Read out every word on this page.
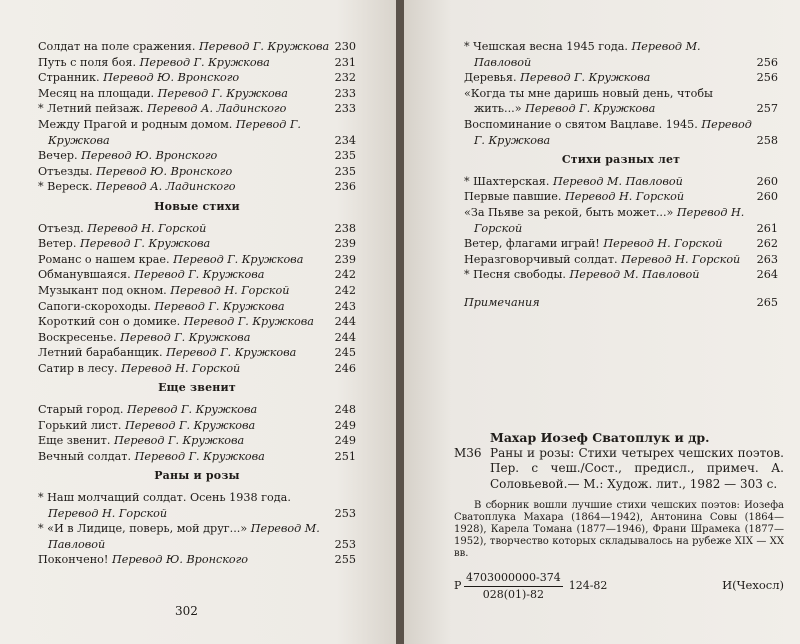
Солдат на поле сражения. Перевод Г. Кружкова 230
Путь с поля боя. Перевод Г. Кружкова	231
Странник. Перевод Ю. Вронского	232
Месяц на площади. Перевод Г. Кружкова	233
* Летний пейзаж. Перевод А. Ладинского	233
Между Прагой и родным домом. Перевод Г. Кружкова	234
Вечер. Перевод Ю. Вронского	235
Отъезды. Перевод Ю. Вронского	235
* Вереск. Перевод А. Ладинского	236
Новые стихи
Отъезд. Перевод Н. Горской	238
Ветер. Перевод Г. Кружкова	239
Романс о нашем крае. Перевод Г. Кружкова	239
Обманувшаяся. Перевод Г. Кружкова	242
Музыкант под окном. Перевод Н. Горской	242
Сапоги-скороходы. Перевод Г. Кружкова	243
Короткий сон о домике. Перевод Г. Кружкова	244
Воскресенье. Перевод Г. Кружкова	244
Летний барабанщик. Перевод Г. Кружкова	245
Сатир в лесу. Перевод Н. Горской	246
Еще звенит
Старый город. Перевод Г. Кружкова	248
Горький лист. Перевод Г. Кружкова	249
Еще звенит. Перевод Г. Кружкова	249
Вечный солдат. Перевод Г. Кружкова	251
Раны и розы
* Наш молчащий солдат. Осень 1938 года. Перевод Н. Горской	253
* «И в Лидице, поверь, мой друг...» Перевод М. Павловой	253
Покончено! Перевод Ю. Вронского	255
302
* Чешская весна 1945 года. Перевод М. Павловой	256
Деревья. Перевод Г. Кружкова	256
«Когда ты мне даришь новый день, чтобы жить...» Перевод Г. Кружкова	257
Воспоминание о святом Вацлаве. 1945. Перевод Г. Кружкова	258
Стихи разных лет
* Шахтерская. Перевод М. Павловой	260
Первые павшие. Перевод Н. Горской	260
«За Пьяве за рекой, быть может...» Перевод Н. Горской	261
Ветер, флагами играй! Перевод Н. Горской	262
Неразговорчивый солдат. Перевод Н. Горской	263
* Песня свободы. Перевод М. Павловой	264
Примечания	265
Махар Иозеф Сватоплук и др.
М36 Раны и розы: Стихи четырех чешских поэтов. Пер. с чеш./Сост., предисл., примеч. А. Соловьевой.— М.: Худож. лит., 1982 — 303 с.
В сборник вошли лучшие стихи чешских поэтов: Иозефа Сватоплука Махара (1864—1942), Антонина Совы (1864—1928), Карела Томана (1877—1946), Франи Шрамека (1877—1952), творчество которых складывалось на рубеже XIX — XX вв.
Р $\frac{4703000000-374}{028(01)-82} 124-82$	И(Чехосл)
